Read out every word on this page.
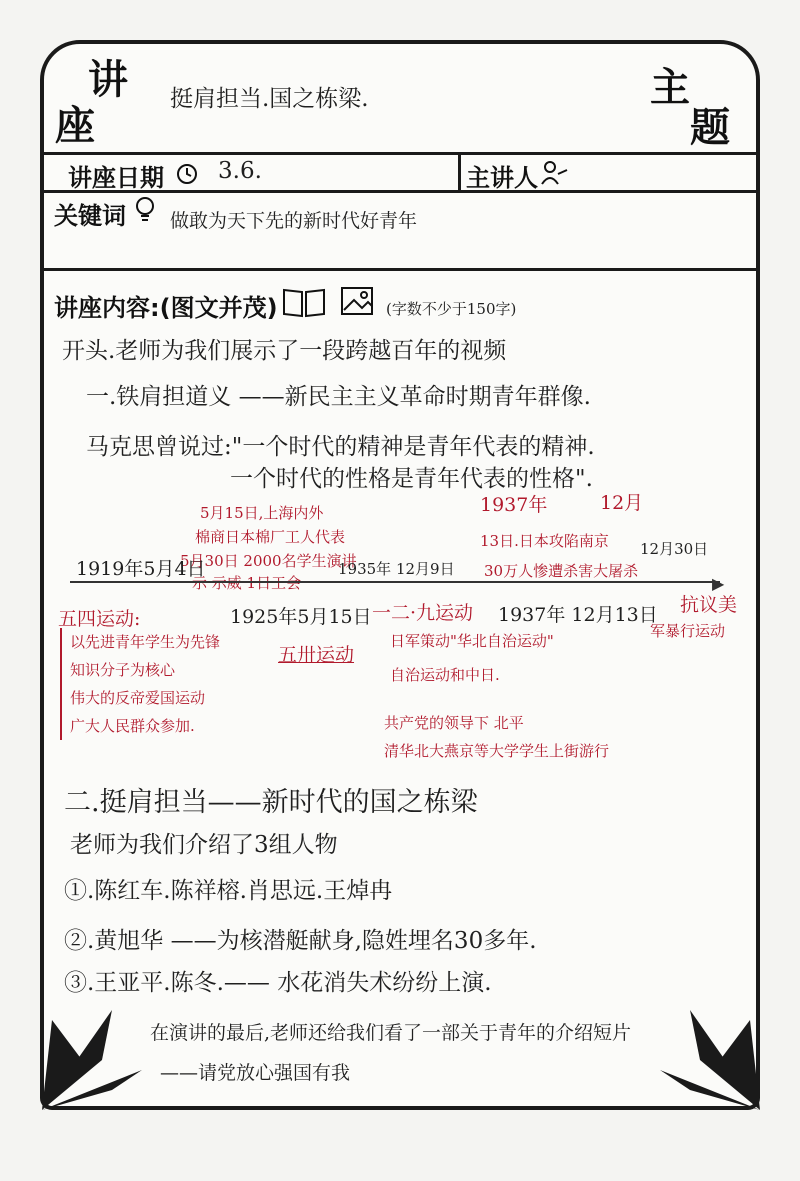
讲
座
主
题
挺肩担当.国之栋梁.
讲座日期 3.6.	主讲人
关键词 做敢为天下先的新时代好青年
讲座内容:(图文并茂)	(字数不少于150字)
开头.老师为我们展示了一段跨越百年的视频
一.铁肩担道义 ——新民主主义革命时期青年群像.
马克思曾说过:"一个时代的精神是青年代表的精神.
一个时代的性格是青年代表的性格".
5月15日,上海内外
棉商日本棉厂工人代表
5月30日 2000名学生演讲
示 示威 1日工会
1937年	12月
13日.日本攻陷南京 12月30日
30万人惨遭杀害大屠杀
▶
1919年5月4日	1935年 12月9日
1925年5月15日	1937年 12月13日
五四运动:
五卅运动
一二·九运动	抗议美
军暴行运动
以先进青年学生为先锋
知识分子为核心
伟大的反帝爱国运动
广大人民群众参加.
日军策动"华北自治运动"
自治运动和中日.
共产党的领导下 北平
清华北大燕京等大学学生上街游行
二.挺肩担当——新时代的国之栋梁
老师为我们介绍了3组人物
①.陈红车.陈祥榕.肖思远.王焯冉
②.黄旭华 ——为核潜艇献身,隐姓埋名30多年.
③.王亚平.陈冬.—— 水花消失术纷纷上演.
在演讲的最后,老师还给我们看了一部关于青年的介绍短片
——请党放心强国有我
